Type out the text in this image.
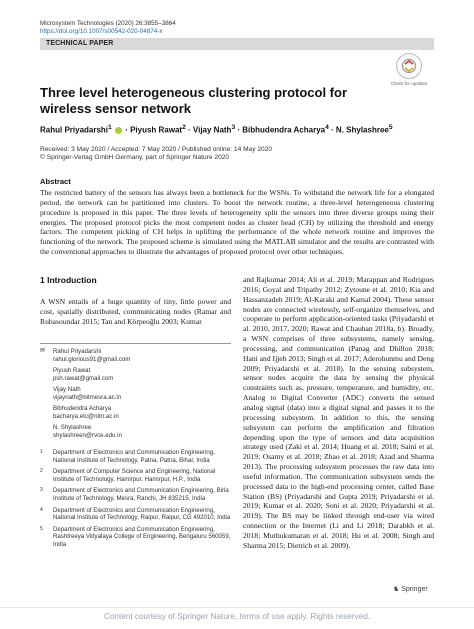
Microsystem Technologies (2020) 26:3855–3864
https://doi.org/10.1007/s00542-020-04874-x
TECHNICAL PAPER
Check for updates
Three level heterogeneous clustering protocol for wireless sensor network
Rahul Priyadarshi$^1$  · Piyush Rawat$^2$ · Vijay Nath$^3$ · Bibhudendra Acharya$^4$ · N. Shylashree$^5$
Received: 3 May 2020 / Accepted: 7 May 2020 / Published online: 14 May 2020
© Springer-Verlag GmbH Germany, part of Springer Nature 2020
Abstract
The restricted battery of the sensors has always been a bottleneck for the WSNs. To withstand the network life for a elongated period, the network can be partitioned into clusters. To boost the network routine, a three-level heterogeneous clustering procedure is proposed in this paper. The three levels of heterogeneity split the sensors into three diverse groups using their energies. The proposed protocol picks the most competent nodes as cluster head (CH) by utilizing the threshold and energy factors. The competent picking of CH helps in uplifting the performance of the whole network routine and improves the functioning of the network. The proposed scheme is simulated using the MATLAB simulator and the results are contrasted with the conventional approaches to illustrate the advantages of proposed protocol over other techniques.
1 Introduction
A WSN entails of a huge quantity of tiny, little power and cost, spatially distributed, communicating nodes (Ramar and Rubasoundar 2015; Tan and Körpeoğlu 2003; Kumar
✉ Rahul Priyadarshi
rahul.glorious91@gmail.com
Piyush Rawat
psh.rawat@gmail.com
Vijay Nath
vijaynath@bitmesra.ac.in
Bibhudendra Acharya
bacharya.etc@nitrr.ac.in
N. Shylashree
shylashreen@rvce.edu.in
1 Department of Electronics and Communication Engineering, National Institute of Technology, Patna, Patna, Bihar, India
2 Department of Computer Science and Engineering, National Institute of Technology, Hamirpur, Hamirpur, H.P., India
3 Department of Electronics and Communication Engineering, Birla Institute of Technology, Mesra, Ranchi, JH 835215, India
4 Department of Electronics and Communication Engineering, National Institute of Technology, Raipur, Raipur, CG 492010, India
5 Department of Electronics and Communication Engineering, Rashtreeya Vidyalaya College of Engineering, Bengaluru 560059, India
and Rajkumar 2014; Ali et al. 2019; Marappan and Rodrigues 2016; Goyal and Tripathy 2012; Zytoune et al. 2010; Kia and Hassanzadeh 2019; Al-Karaki and Kamal 2004). These sensor nodes are connected wirelessly, self-organize themselves, and cooperate to perform application-oriented tasks (Priyadarshi et al. 2010, 2017, 2020; Rawat and Chauhan 2018a, b). Broadly, a WSN comprises of three subsystems, namely sensing, processing, and communication (Panag and Dhillon 2018; Hani and Ijjeh 2013; Singh et al. 2017; Aderohunmu and Deng 2009; Priyadarshi et al. 2018). In the sensing subsystem, sensor nodes acquire the data by sensing the physical constraints such as, pressure, temperature, and humidity, etc. Analog to Digital Converter (ADC) converts the sensed analog signal (data) into a digital signal and passes it to the processing subsystem. In addition to this, the sensing subsystem can perform the amplification and filtration depending upon the type of sensors and data acquisition strategy used (Zaki et al. 2014; Huang et al. 2018; Saini et al. 2019; Osamy et al. 2018; Zhao et al. 2018; Azad and Sharma 2013). The processing subsystem processes the raw data into useful information. The communication subsystem sends the processed data to the high-end processing center, called Base Station (BS) (Priyadarshi and Gupta 2019; Priyadarshi et al. 2019; Kumar et al. 2020; Soni et al. 2020; Priyadarshi et al. 2019). The BS may be linked through end-user via wired connection or the Internet (Li and Li 2018; Darabkh et al. 2018; Muthukumaran et al. 2018; Hu et al. 2008; Singh and Sharma 2015; Dietrich et al. 2009).
♞ Springer
Content courtesy of Springer Nature, terms of use apply. Rights reserved.
